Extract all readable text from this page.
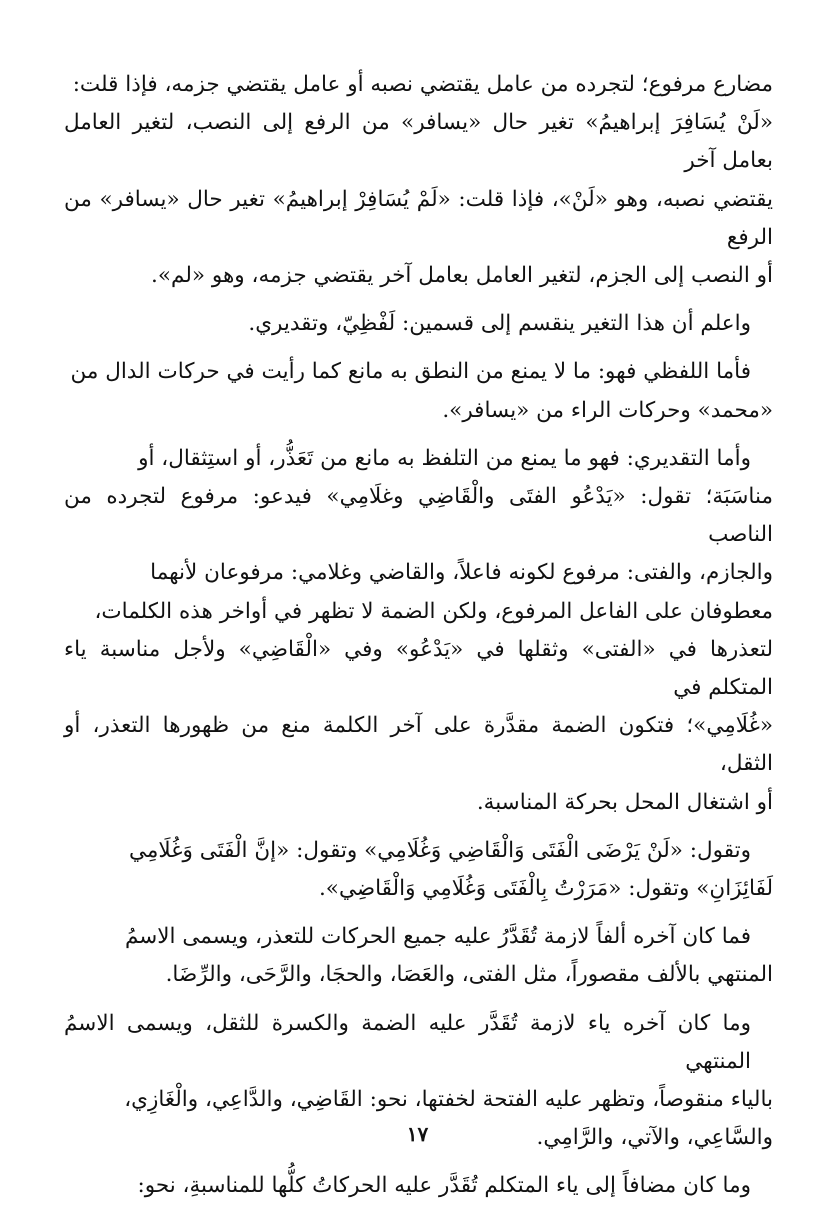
مضارع مرفوع؛ لتجرده من عامل يقتضي نصبه أو عامل يقتضي جزمه، فإذا قلت:
«لَنْ يُسَافِرَ إبراهيمُ» تغير حال «يسافر» من الرفع إلى النصب، لتغير العامل بعامل آخر
يقتضي نصبه، وهو «لَنْ»، فإذا قلت: «لَمْ يُسَافِرْ إبراهيمُ» تغير حال «يسافر» من الرفع
أو النصب إلى الجزم، لتغير العامل بعامل آخر يقتضي جزمه، وهو «لم».

واعلم أن هذا التغير ينقسم إلى قسمين: لَفْظِيّ، وتقديري.

فأما اللفظي فهو: ما لا يمنع من النطق به مانع كما رأيت في حركات الدال من
«محمد» وحركات الراء من «يسافر».

وأما التقديري: فهو ما يمنع من التلفظ به مانع من تَعَذُّر، أو استِثقال، أو
مناسَبَة؛ تقول: «يَدْعُو الفتَى والْقَاضِي وغلَامِي» فيدعو: مرفوع لتجرده من الناصب
والجازم، والفتى: مرفوع لكونه فاعلاً، والقاضي وغلامي: مرفوعان لأنهما
معطوفان على الفاعل المرفوع، ولكن الضمة لا تظهر في أواخر هذه الكلمات،
لتعذرها في «الفتى» وثقلها في «يَدْعُو» وفي «الْقَاضِي» ولأجل مناسبة ياء المتكلم في
«غُلَامِي»؛ فتكون الضمة مقدَّرة على آخر الكلمة منع من ظهورها التعذر، أو الثقل،
أو اشتغال المحل بحركة المناسبة.

وتقول: «لَنْ يَرْضَى الْفَتَى وَالْقَاضِي وَغُلَامِي» وتقول: «إنَّ الْفَتَى وَغُلَامِي
لَفَائِزَانِ» وتقول: «مَرَرْتُ بِالْفَتَى وَغُلَامِي وَالْقَاضِي».

فما كان آخره ألفاً لازمة تُقَدَّرُ عليه جميع الحركات للتعذر، ويسمى الاسمُ
المنتهي بالألف مقصوراً، مثل الفتى، والعَصَا، والحجَا، والرَّحَى، والرِّضَا.

وما كان آخره ياء لازمة تُقَدَّر عليه الضمة والكسرة للثقل، ويسمى الاسمُ المنتهي
بالياء منقوصاً، وتظهر عليه الفتحة لخفتها، نحو: القَاضِي، والدَّاعِي، والْغَازِي،
والسَّاعِي، والآتي، والرَّامِي.

وما كان مضافاً إلى ياء المتكلم تُقَدَّر عليه الحركاتُ كلُّها للمناسبةِ، نحو:

١٧
